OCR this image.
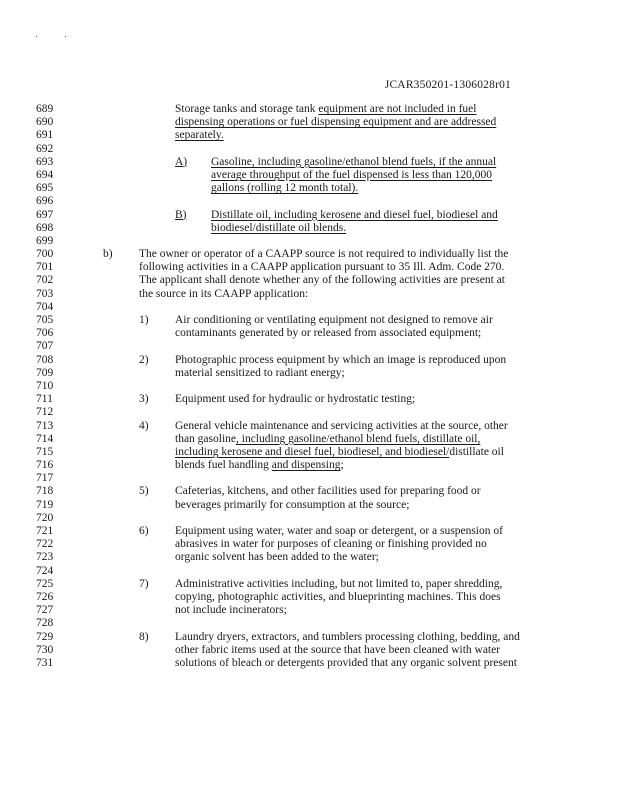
JCAR350201-1306028r01
689	Storage tanks and storage tank equipment are not included in fuel
690	dispensing operations or fuel dispensing equipment and are addressed
691	separately.
692
693	A) Gasoline, including gasoline/ethanol blend fuels, if the annual
694	average throughput of the fuel dispensed is less than 120,000
695	gallons (rolling 12 month total).
696
697	B) Distillate oil, including kerosene and diesel fuel, biodiesel and
698	biodiesel/distillate oil blends.
699
700	b) The owner or operator of a CAAPP source is not required to individually list the
701	following activities in a CAAPP application pursuant to 35 Ill. Adm. Code 270.
702	The applicant shall denote whether any of the following activities are present at
703	the source in its CAAPP application:
704
705	1) Air conditioning or ventilating equipment not designed to remove air
706	contaminants generated by or released from associated equipment;
707
708	2) Photographic process equipment by which an image is reproduced upon
709	material sensitized to radiant energy;
710
711	3) Equipment used for hydraulic or hydrostatic testing;
712
713	4) General vehicle maintenance and servicing activities at the source, other
714	than gasoline, including gasoline/ethanol blend fuels, distillate oil,
715	including kerosene and diesel fuel, biodiesel, and biodiesel/distillate oil
716	blends fuel handling and dispensing;
717
718	5) Cafeterias, kitchens, and other facilities used for preparing food or
719	beverages primarily for consumption at the source;
720
721	6) Equipment using water, water and soap or detergent, or a suspension of
722	abrasives in water for purposes of cleaning or finishing provided no
723	organic solvent has been added to the water;
724
725	7) Administrative activities including, but not limited to, paper shredding,
726	copying, photographic activities, and blueprinting machines. This does
727	not include incinerators;
728
729	8) Laundry dryers, extractors, and tumblers processing clothing, bedding, and
730	other fabric items used at the source that have been cleaned with water
731	solutions of bleach or detergents provided that any organic solvent present
